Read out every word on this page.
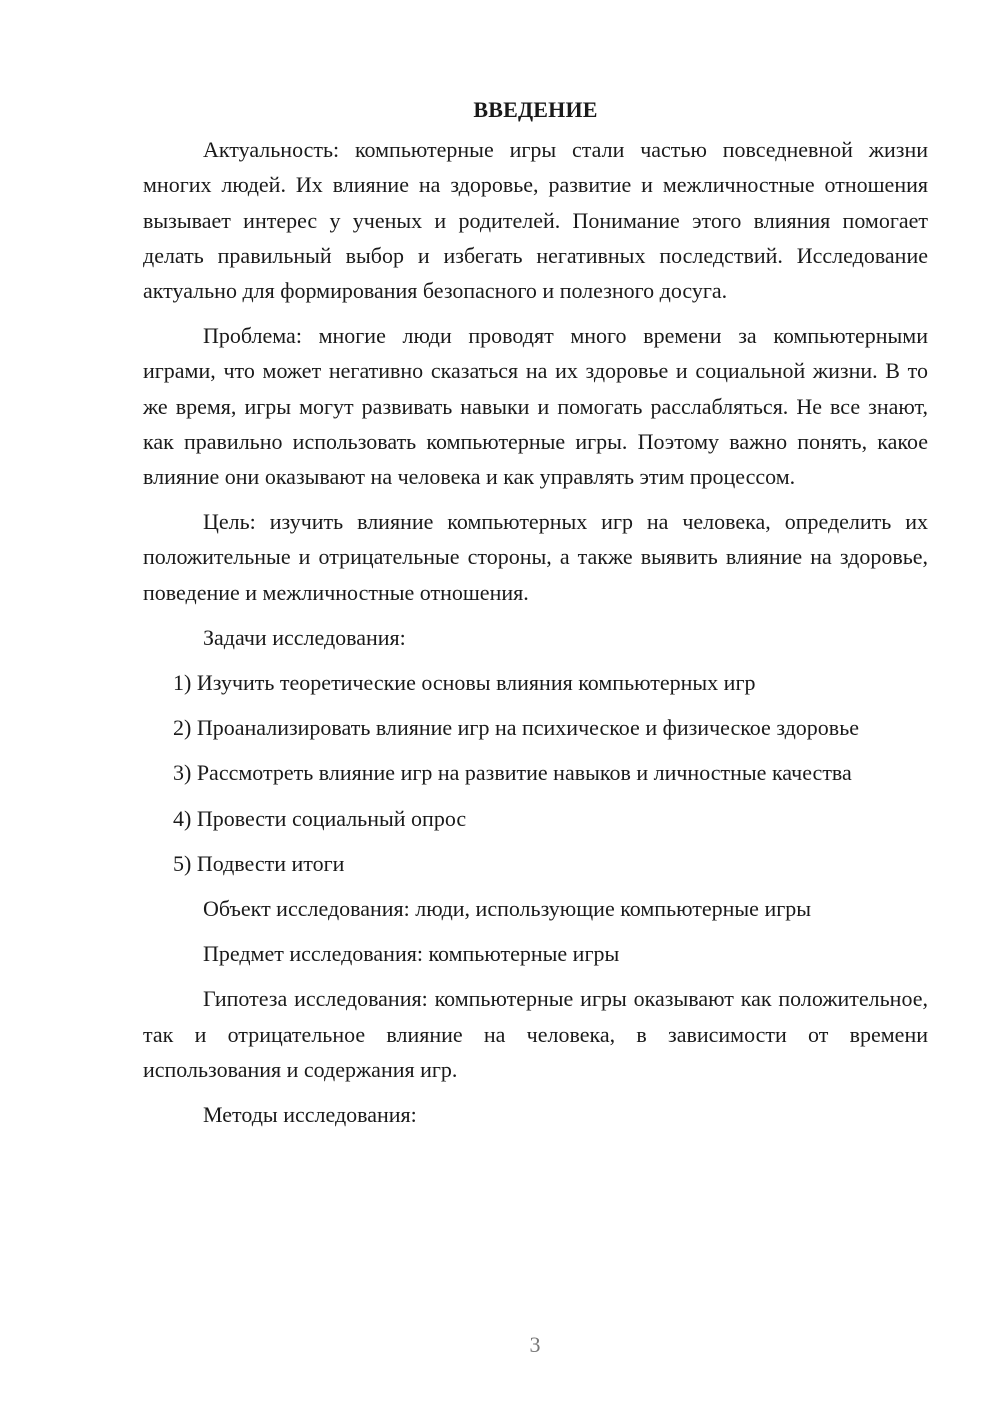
ВВЕДЕНИЕ

Актуальность: компьютерные игры стали частью повседневной жизни многих людей. Их влияние на здоровье, развитие и межличностные отношения вызывает интерес у ученых и родителей. Понимание этого влияния помогает делать правильный выбор и избегать негативных последствий. Исследование актуально для формирования безопасного и полезного досуга.

Проблема: многие люди проводят много времени за компьютерными играми, что может негативно сказаться на их здоровье и социальной жизни. В то же время, игры могут развивать навыки и помогать расслабляться. Не все знают, как правильно использовать компьютерные игры. Поэтому важно понять, какое влияние они оказывают на человека и как управлять этим процессом.

Цель: изучить влияние компьютерных игр на человека, определить их положительные и отрицательные стороны, а также выявить влияние на здоровье, поведение и межличностные отношения.

Задачи исследования:

1) Изучить теоретические основы влияния компьютерных игр

2) Проанализировать влияние игр на психическое и физическое здоровье

3) Рассмотреть влияние игр на развитие навыков и личностные качества

4) Провести социальный опрос

5) Подвести итоги

Объект исследования: люди, использующие компьютерные игры

Предмет исследования: компьютерные игры

Гипотеза исследования: компьютерные игры оказывают как положительное, так и отрицательное влияние на человека, в зависимости от времени использования и содержания игр.

Методы исследования:

3
